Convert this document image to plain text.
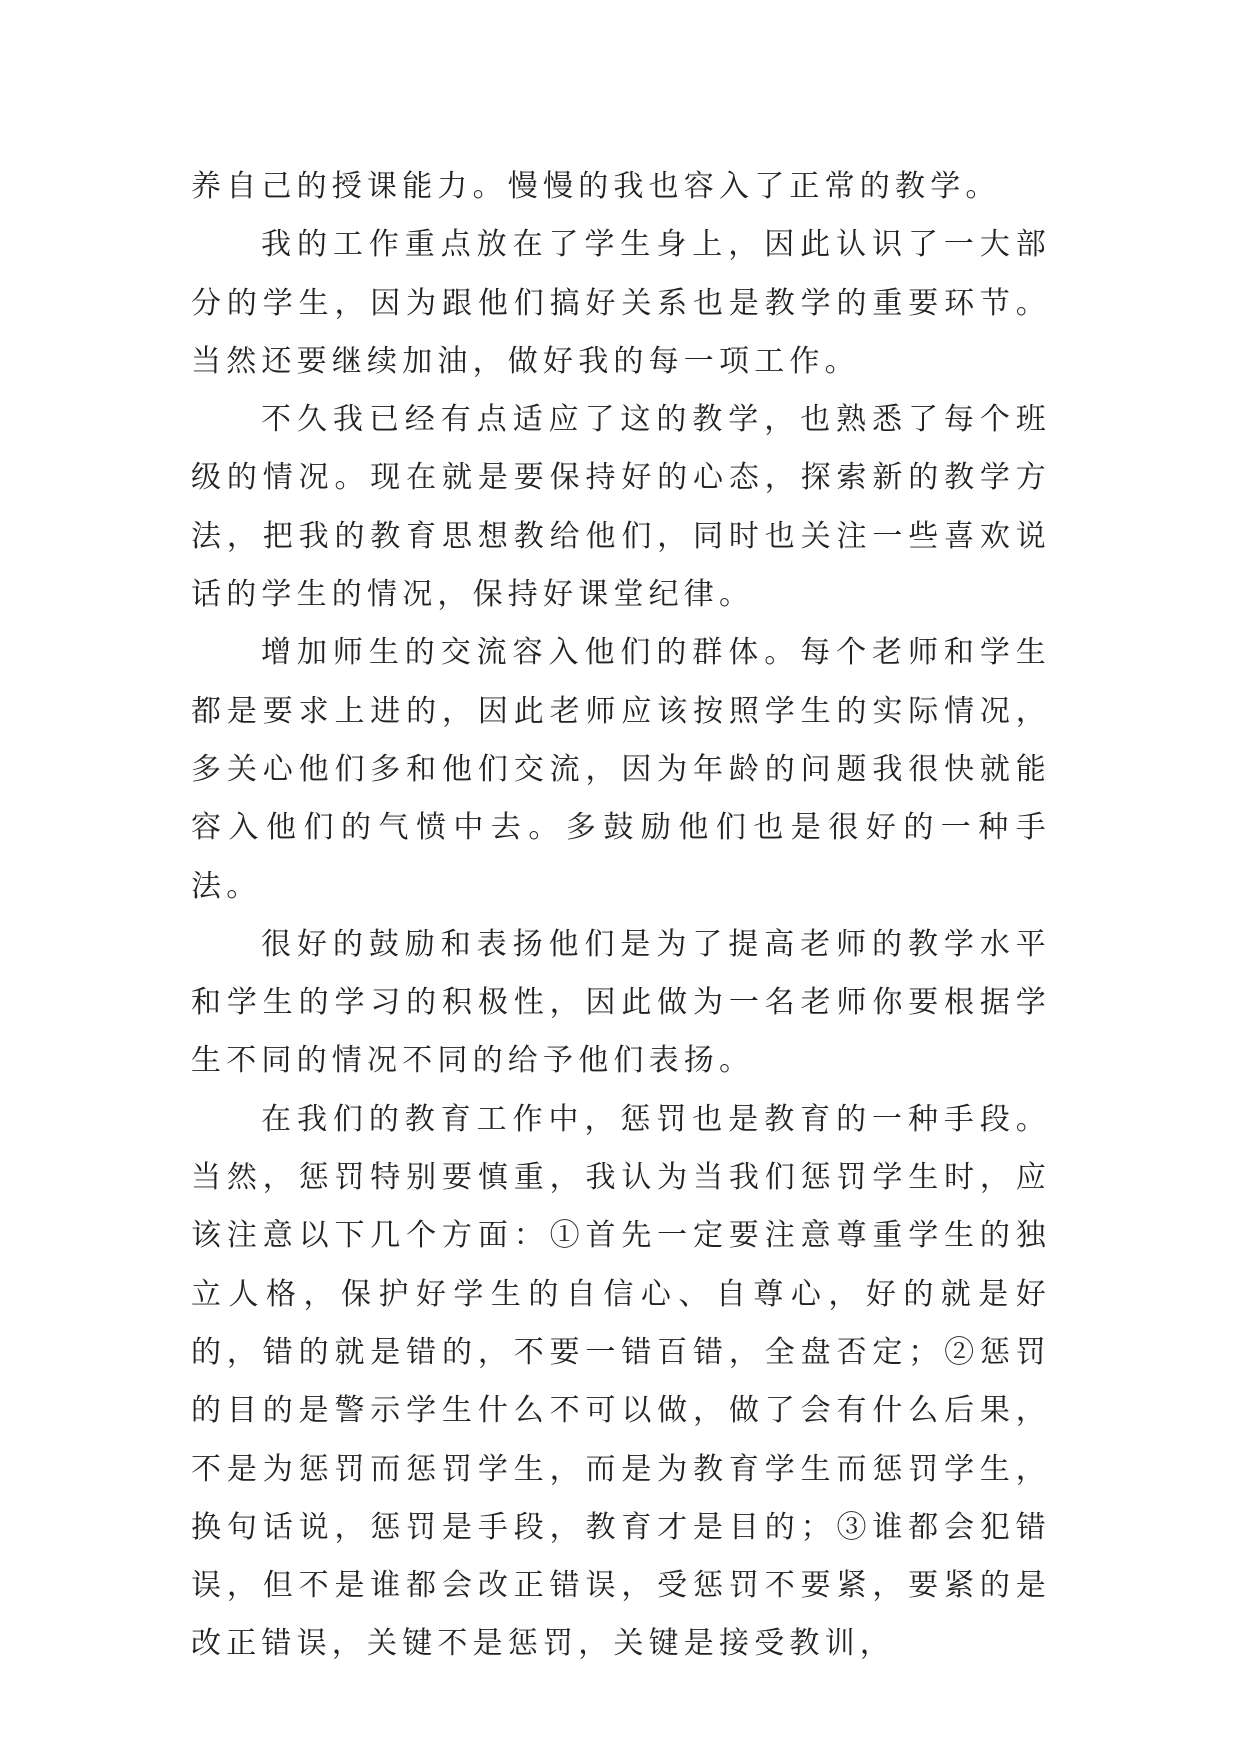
养自己的授课能力。慢慢的我也容入了正常的教学。

我的工作重点放在了学生身上，因此认识了一大部分的学生，因为跟他们搞好关系也是教学的重要环节。当然还要继续加油，做好我的每一项工作。

不久我已经有点适应了这的教学，也熟悉了每个班级的情况。现在就是要保持好的心态，探索新的教学方法，把我的教育思想教给他们，同时也关注一些喜欢说话的学生的情况，保持好课堂纪律。

增加师生的交流容入他们的群体。每个老师和学生都是要求上进的，因此老师应该按照学生的实际情况，多关心他们多和他们交流，因为年龄的问题我很快就能容入他们的气愤中去。多鼓励他们也是很好的一种手法。

很好的鼓励和表扬他们是为了提高老师的教学水平和学生的学习的积极性，因此做为一名老师你要根据学生不同的情况不同的给予他们表扬。

在我们的教育工作中，惩罚也是教育的一种手段。当然，惩罚特别要慎重，我认为当我们惩罚学生时，应该注意以下几个方面：①首先一定要注意尊重学生的独立人格，保护好学生的自信心、自尊心，好的就是好的，错的就是错的，不要一错百错，全盘否定；②惩罚的目的是警示学生什么不可以做，做了会有什么后果，不是为惩罚而惩罚学生，而是为教育学生而惩罚学生，换句话说，惩罚是手段，教育才是目的；③谁都会犯错误，但不是谁都会改正错误，受惩罚不要紧，要紧的是改正错误，关键不是惩罚，关键是接受教训，
